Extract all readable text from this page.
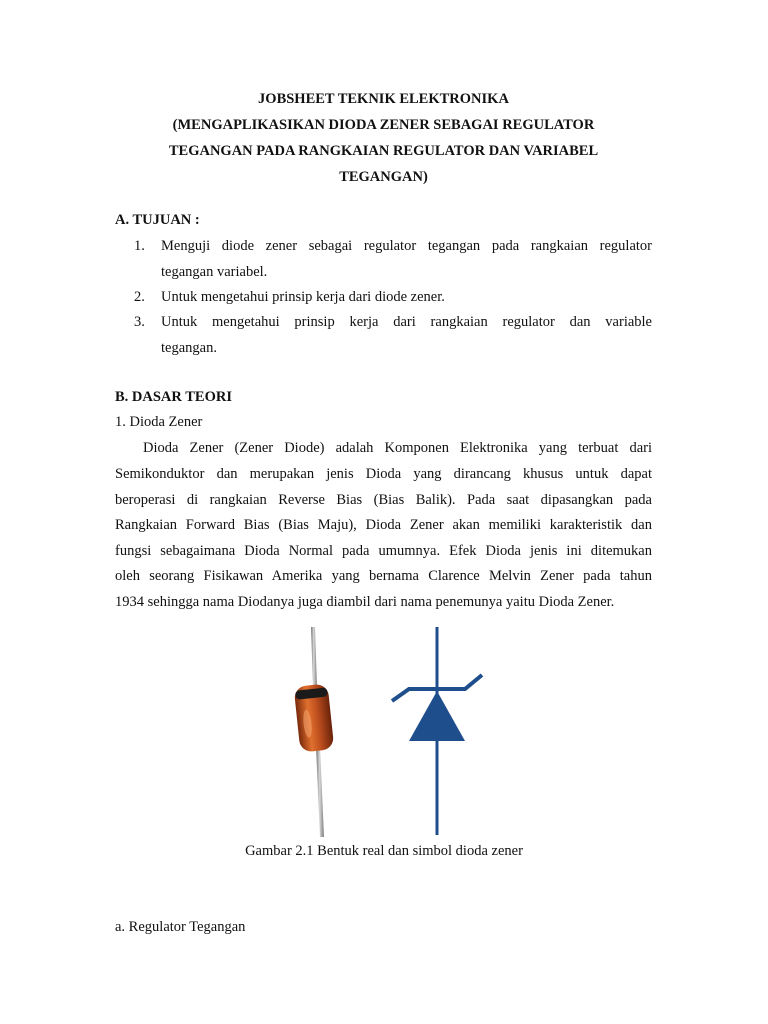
JOBSHEET TEKNIK ELEKTRONIKA
(MENGAPLIKASIKAN DIODA ZENER SEBAGAI REGULATOR
TEGANGAN PADA RANGKAIAN REGULATOR DAN VARIABEL
TEGANGAN)
A. TUJUAN :
1. Menguji diode zener sebagai regulator tegangan pada rangkaian regulator
tegangan variabel.
2. Untuk mengetahui prinsip kerja dari diode zener.
3. Untuk mengetahui prinsip kerja dari rangkaian regulator dan variable
tegangan.
B. DASAR TEORI
1. Dioda Zener
Dioda Zener (Zener Diode) adalah Komponen Elektronika yang terbuat dari
Semikonduktor dan merupakan jenis Dioda yang dirancang khusus untuk dapat
beroperasi di rangkaian Reverse Bias (Bias Balik). Pada saat dipasangkan pada
Rangkaian Forward Bias (Bias Maju), Dioda Zener akan memiliki karakteristik dan
fungsi sebagaimana Dioda Normal pada umumnya. Efek Dioda jenis ini ditemukan
oleh seorang Fisikawan Amerika yang bernama Clarence Melvin Zener pada tahun
1934 sehingga nama Diodanya juga diambil dari nama penemunya yaitu Dioda Zener.
Gambar 2.1 Bentuk real dan simbol dioda zener
a. Regulator Tegangan
